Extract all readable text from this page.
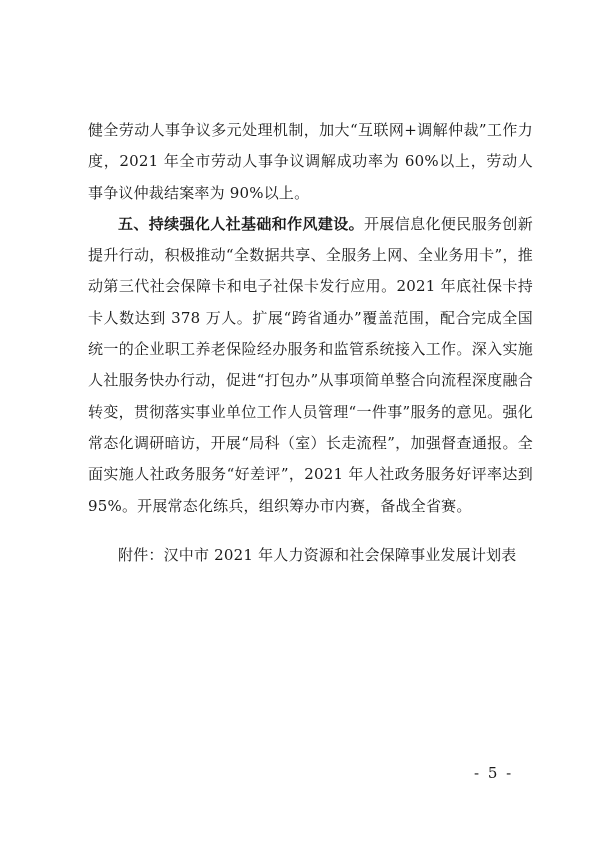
健全劳动人事争议多元处理机制，加大“互联网+调解仲裁”工作力度，2021 年全市劳动人事争议调解成功率为 60%以上，劳动人事争议仲裁结案率为 90%以上。

五、持续强化人社基础和作风建设。开展信息化便民服务创新提升行动，积极推动“全数据共享、全服务上网、全业务用卡”，推动第三代社会保障卡和电子社保卡发行应用。2021 年底社保卡持卡人数达到 378 万人。扩展“跨省通办”覆盖范围，配合完成全国统一的企业职工养老保险经办服务和监管系统接入工作。深入实施人社服务快办行动，促进“打包办”从事项简单整合向流程深度融合转变，贯彻落实事业单位工作人员管理“一件事”服务的意见。强化常态化调研暗访，开展“局科（室）长走流程”，加强督查通报。全面实施人社政务服务“好差评”，2021 年人社政务服务好评率达到 95%。开展常态化练兵，组织筹办市内赛，备战全省赛。

附件：汉中市 2021 年人力资源和社会保障事业发展计划表
- 5 -
